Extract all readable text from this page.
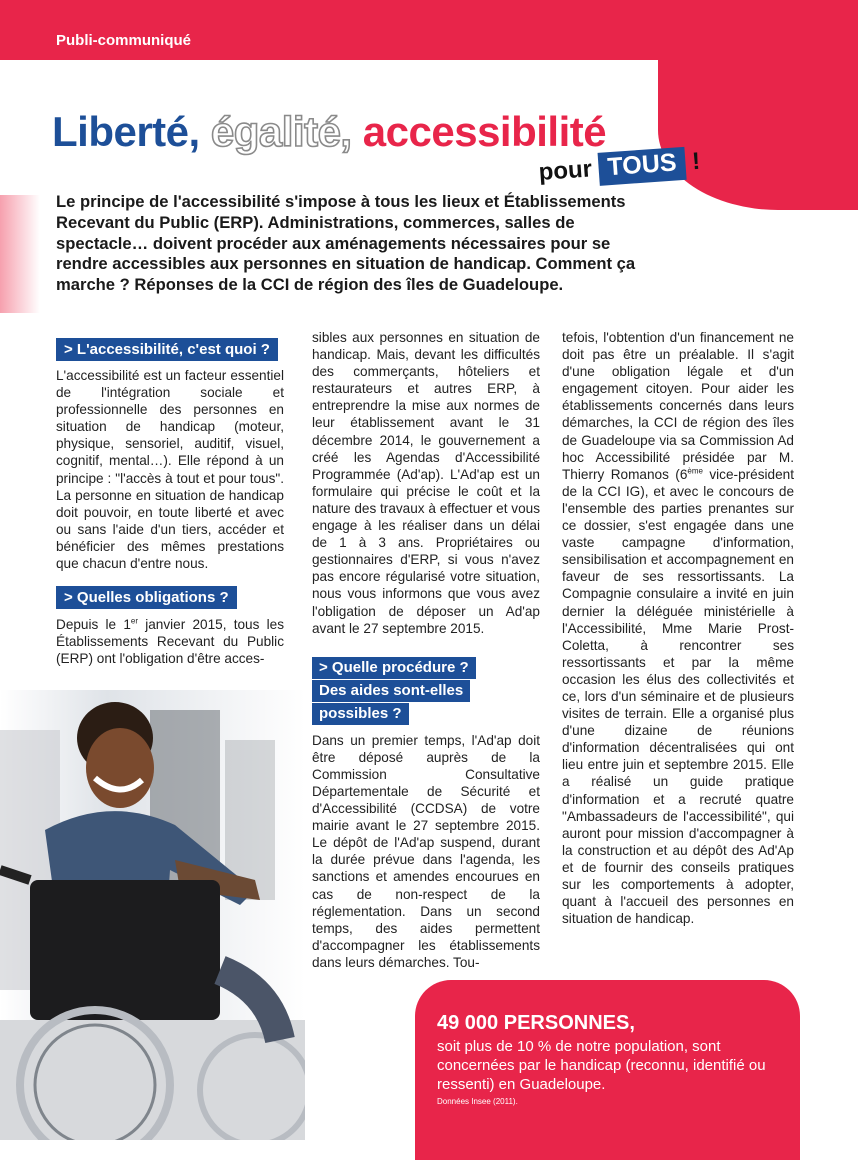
Publi-communiqué
Liberté, égalité, accessibilité
pour TOUS !
Le principe de l'accessibilité s'impose à tous les lieux et Établissements Recevant du Public (ERP). Administrations, commerces, salles de spectacle… doivent procéder aux aménagements nécessaires pour se rendre accessibles aux personnes en situation de handicap. Comment ça marche ? Réponses de la CCI de région des îles de Guadeloupe.
> L'accessibilité, c'est quoi ?

L'accessibilité est un facteur essentiel de l'intégration sociale et professionnelle des personnes en situation de handicap (moteur, physique, sensoriel, auditif, visuel, cognitif, mental…). Elle répond à un principe : "l'accès à tout et pour tous". La personne en situation de handicap doit pouvoir, en toute liberté et avec ou sans l'aide d'un tiers, accéder et bénéficier des mêmes prestations que chacun d'entre nous.

Depuis le 1er janvier 2015, tous les Établissements Recevant du Public (ERP) ont l'obligation d'être acces-

> Quelles obligations ?

sibles aux personnes en situation de handicap. Mais, devant les difficultés des commerçants, hôteliers et restaurateurs et autres ERP, à entreprendre la mise aux normes de leur établissement avant le 31 décembre 2014, le gouvernement a créé les Agendas d'Accessibilité Programmée (Ad'ap). L'Ad'ap est un formulaire qui précise le coût et la nature des travaux à effectuer et vous engage à les réaliser dans un délai de 1 à 3 ans. Propriétaires ou gestionnaires d'ERP, si vous n'avez pas encore régularisé votre situation, nous vous informons que vous avez l'obligation de déposer un Ad'ap avant le 27 septembre 2015.

Dans un premier temps, l'Ad'ap doit être déposé auprès de la Commission Consultative Départementale de Sécurité et d'Accessibilité (CCDSA) de votre mairie avant le 27 septembre 2015. Le dépôt de l'Ad'ap suspend, durant la durée prévue dans l'agenda, les sanctions et amendes encourues en cas de non-respect de la réglementation. Dans un second temps, des aides permettent d'accompagner les établissements dans leurs démarches. Tou-

> Quelle procédure ?
Des aides sont-elles
possibles ?

tefois, l'obtention d'un financement ne doit pas être un préalable. Il s'agit d'une obligation légale et d'un engagement citoyen. Pour aider les établissements concernés dans leurs démarches, la CCI de région des îles de Guadeloupe via sa Commission Ad hoc Accessibilité présidée par M. Thierry Romanos (6ème vice-président de la CCI IG), et avec le concours de l'ensemble des parties prenantes sur ce dossier, s'est engagée dans une vaste campagne d'information, sensibilisation et accompagnement en faveur de ses ressortissants. La Compagnie consulaire a invité en juin dernier la déléguée ministérielle à l'Accessibilité, Mme Marie Prost-Coletta, à rencontrer ses ressortissants et par la même occasion les élus des collectivités et ce, lors d'un séminaire et de plusieurs visites de terrain. Elle a organisé plus d'une dizaine de réunions d'information décentralisées qui ont lieu entre juin et septembre 2015. Elle a réalisé un guide pratique d'information et a recruté quatre "Ambassadeurs de l'accessibilité", qui auront pour mission d'accompagner à la construction et au dépôt des Ad'Ap et de fournir des conseils pratiques sur les comportements à adopter, quant à l'accueil des personnes en situation de handicap.

49 000 PERSONNES,
soit plus de 10 % de notre population, sont concernées par le handicap (reconnu, identifié ou ressenti) en Guadeloupe.
Données Insee (2011).
